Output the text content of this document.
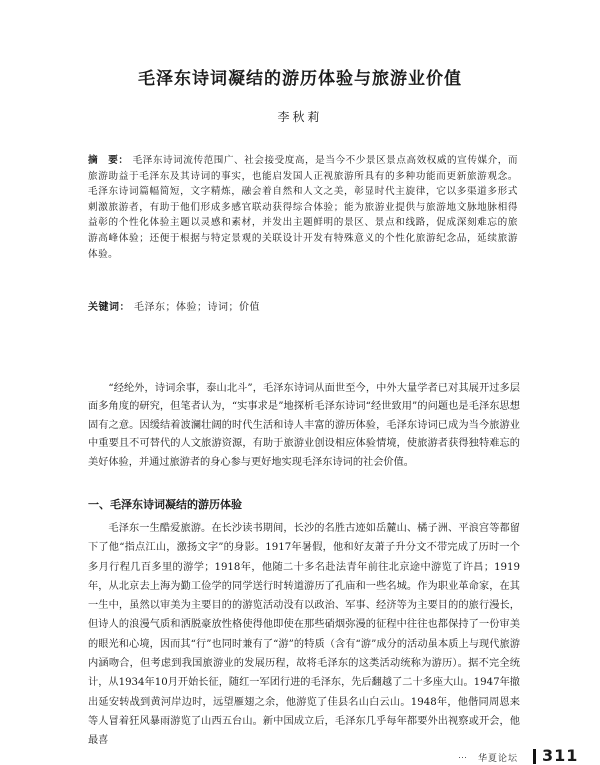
毛泽东诗词凝结的游历体验与旅游业价值
李秋莉
摘　要： 毛泽东诗词流传范围广、社会接受度高，是当今不少景区景点高效权威的宣传媒介，而旅游助益于毛泽东及其诗词的事实，也能启发国人正视旅游所具有的多种功能而更新旅游观念。毛泽东诗词篇幅简短，文字精炼，融会着自然和人文之美，彰显时代主旋律，它以多渠道多形式刺激旅游者，有助于他们形成多感官联动获得综合体验；能为旅游业提供与旅游地文脉地脉相得益彰的个性化体验主题以灵感和素材，并发出主题鲜明的景区、景点和线路，促成深刻难忘的旅游高峰体验；还便于根据与特定景观的关联设计开发有特殊意义的个性化旅游纪念品，延续旅游体验。
关键词： 毛泽东；体验；诗词；价值
“经纶外，诗词余事，泰山北斗”，毛泽东诗词从面世至今，中外大量学者已对其展开过多层面多角度的研究，但笔者认为，“实事求是”地探析毛泽东诗词“经世致用”的问题也是毛泽东思想固有之意。因缓结着波澜壮阔的时代生活和诗人丰富的游历体验，毛泽东诗词已成为当今旅游业中重要且不可替代的人文旅游资源，有助于旅游业创设相应体验情境，使旅游者获得独特难忘的美好体验，并通过旅游者的身心参与更好地实现毛泽东诗词的社会价值。
一、毛泽东诗词凝结的游历体验
毛泽东一生酷爱旅游。在长沙读书期间，长沙的名胜古迹如岳麓山、橘子洲、平浪宫等都留下了他“指点江山，激扬文字”的身影。1917年暑假，他和好友萧子升分文不带完成了历时一个多月行程几百多里的游学；1918年，他随二十多名赴法青年前往北京途中游览了许昌；1919年，从北京去上海为勤工俭学的同学送行时转道游历了孔庙和一些名城。作为职业革命家，在其一生中，虽然以审美为主要目的的游览活动没有以政治、军事、经济等为主要目的的旅行漫长，但诗人的浪漫气质和洒脱豪放性格使得他即使在那些硝烟弥漫的征程中往往也都保持了一份审美的眼光和心境，因而其“行”也同时兼有了“游”的特质（含有“游”成分的活动虽本质上与现代旅游内涵吻合，但考虑到我国旅游业的发展历程，故将毛泽东的这类活动统称为游历）。据不完全统计，从1934年10月开始长征，随红一军团行进的毛泽东，先后翻越了二十多座大山。1947年撤出延安转战到黄河岸边时，远望雁翅之余，他游览了佳县名山白云山。1948年，他偕同周恩来等人冒着狂风暴雨游览了山西五台山。新中国成立后，毛泽东几乎每年都要外出视察或开会，他最喜
⋯　华夏论坛 311
